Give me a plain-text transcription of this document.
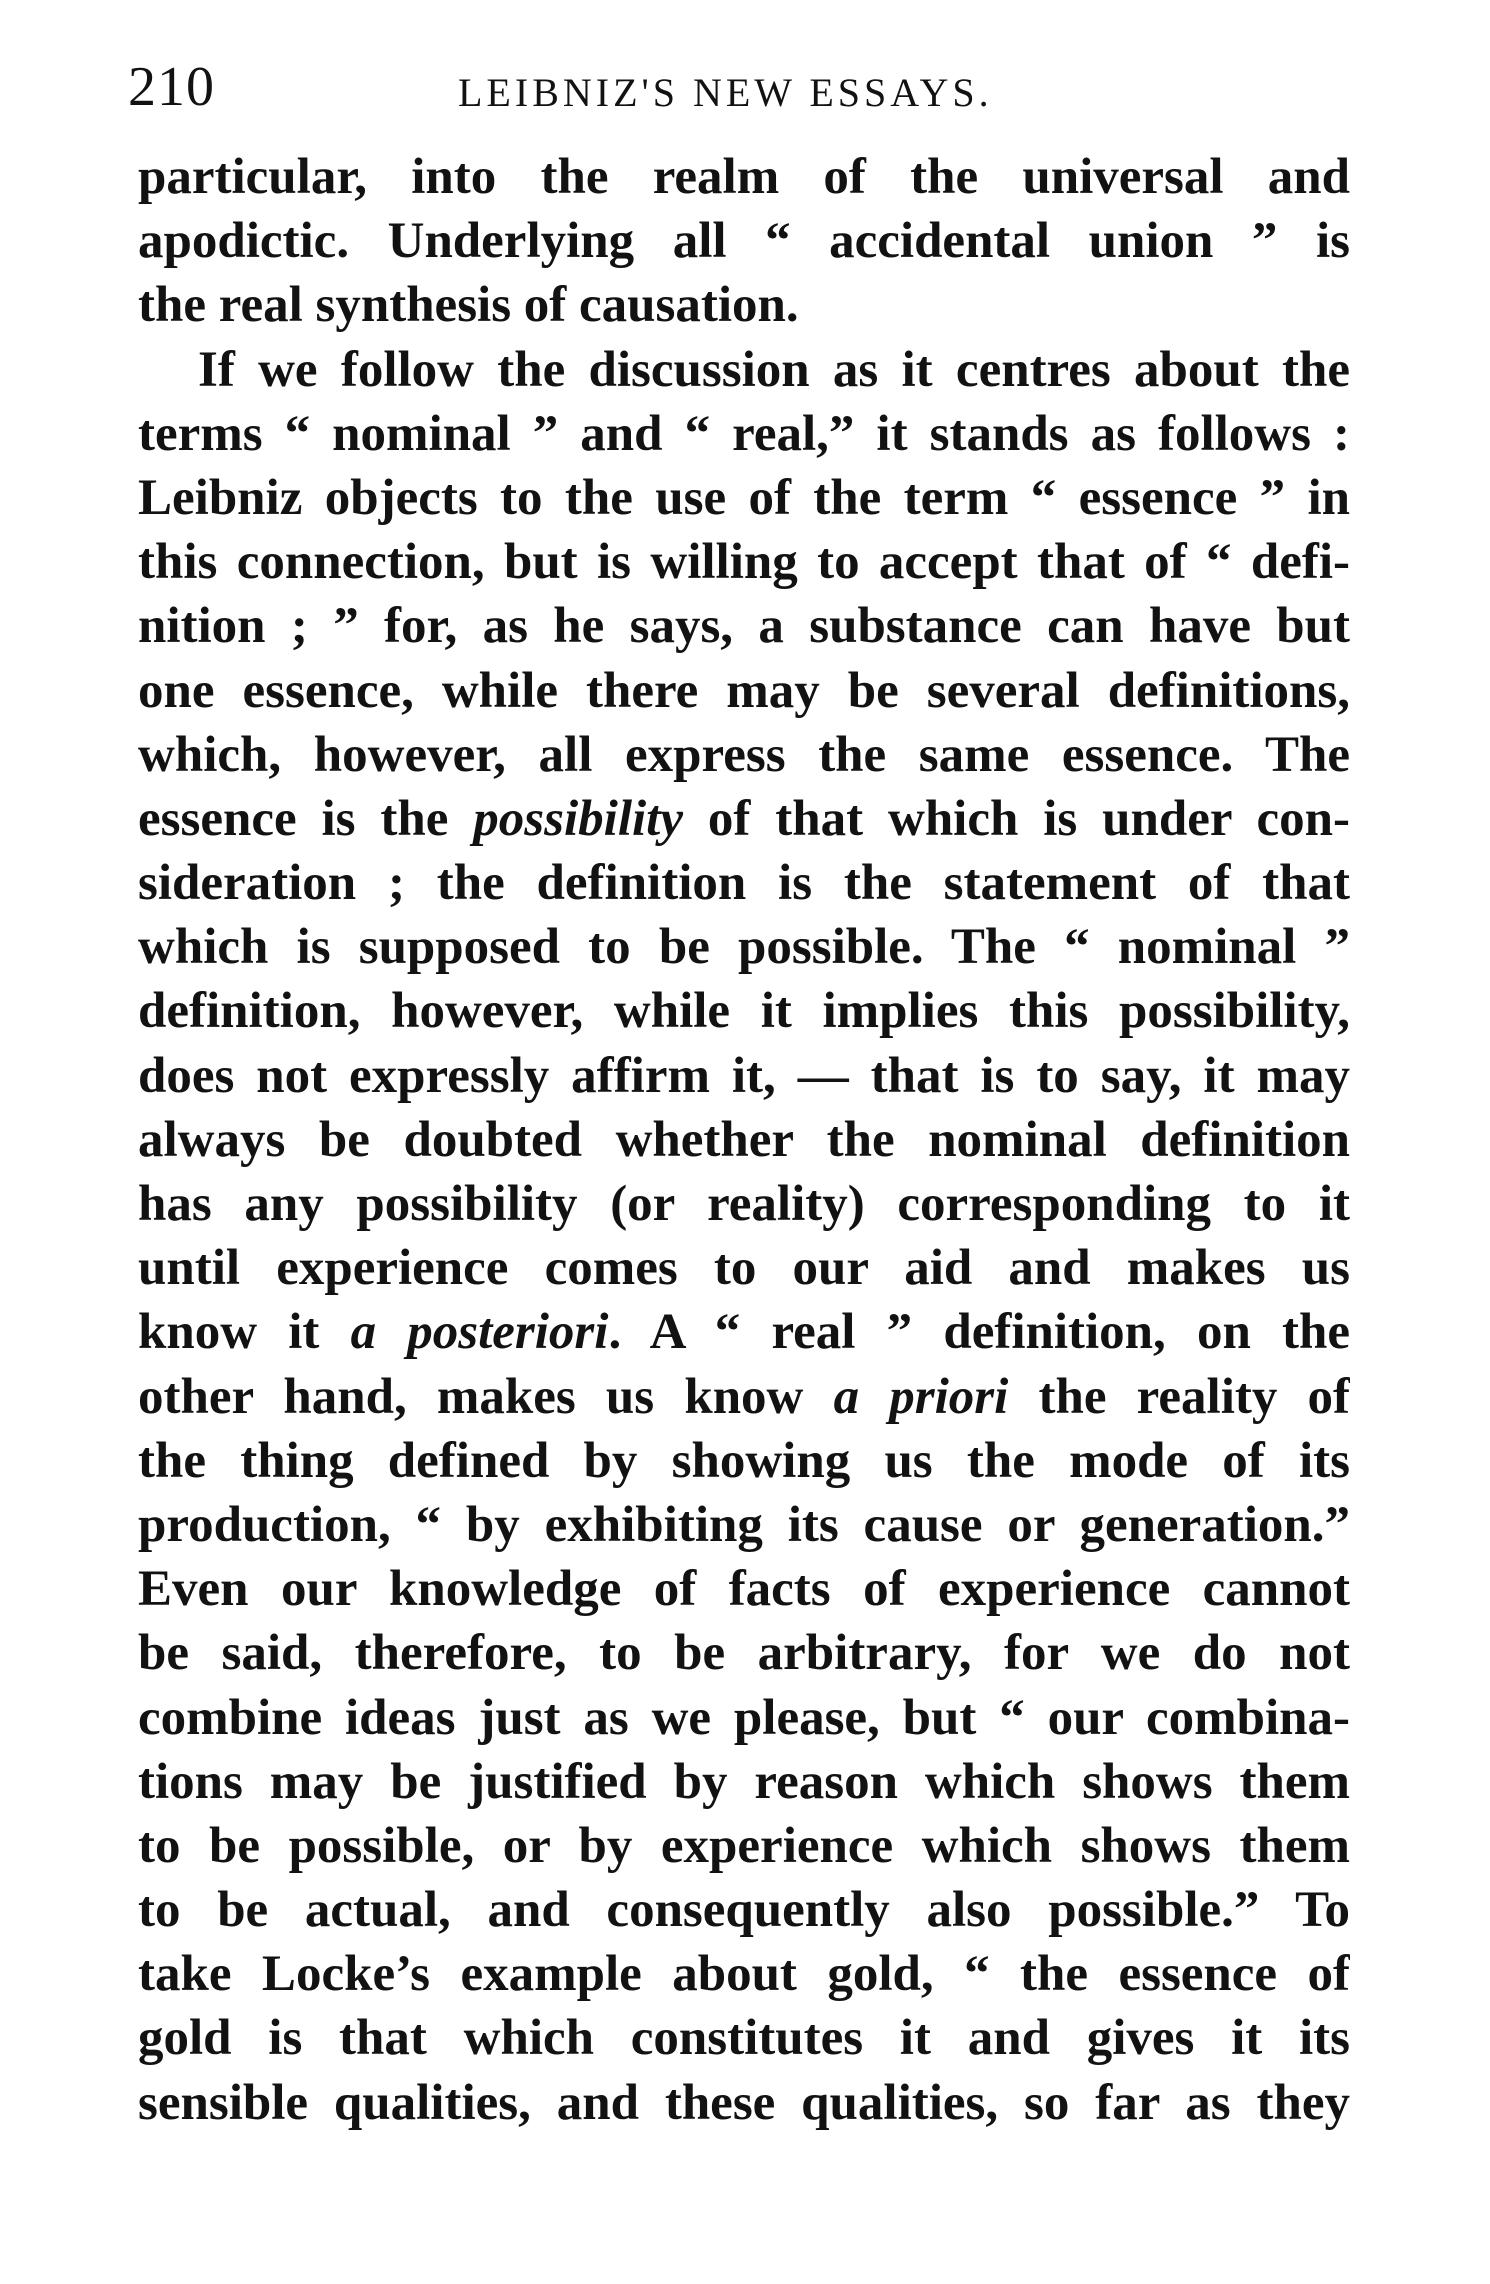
210	LEIBNIZ'S NEW ESSAYS.
particular, into the realm of the universal and
apodictic. Underlying all “ accidental union ” is
the real synthesis of causation.
If we follow the discussion as it centres about the
terms “ nominal ” and “ real,” it stands as follows :
Leibniz objects to the use of the term “ essence ” in
this connection, but is willing to accept that of “ defi-
nition ; ” for, as he says, a substance can have but
one essence, while there may be several definitions,
which, however, all express the same essence. The
essence is the possibility of that which is under con-
sideration ; the definition is the statement of that
which is supposed to be possible. The “ nominal ”
definition, however, while it implies this possibility,
does not expressly affirm it, — that is to say, it may
always be doubted whether the nominal definition
has any possibility (or reality) corresponding to it
until experience comes to our aid and makes us
know it a posteriori. A “ real ” definition, on the
other hand, makes us know a priori the reality of
the thing defined by showing us the mode of its
production, “ by exhibiting its cause or generation.”
Even our knowledge of facts of experience cannot
be said, therefore, to be arbitrary, for we do not
combine ideas just as we please, but “ our combina-
tions may be justified by reason which shows them
to be possible, or by experience which shows them
to be actual, and consequently also possible.” To
take Locke’s example about gold, “ the essence of
gold is that which constitutes it and gives it its
sensible qualities, and these qualities, so far as they
